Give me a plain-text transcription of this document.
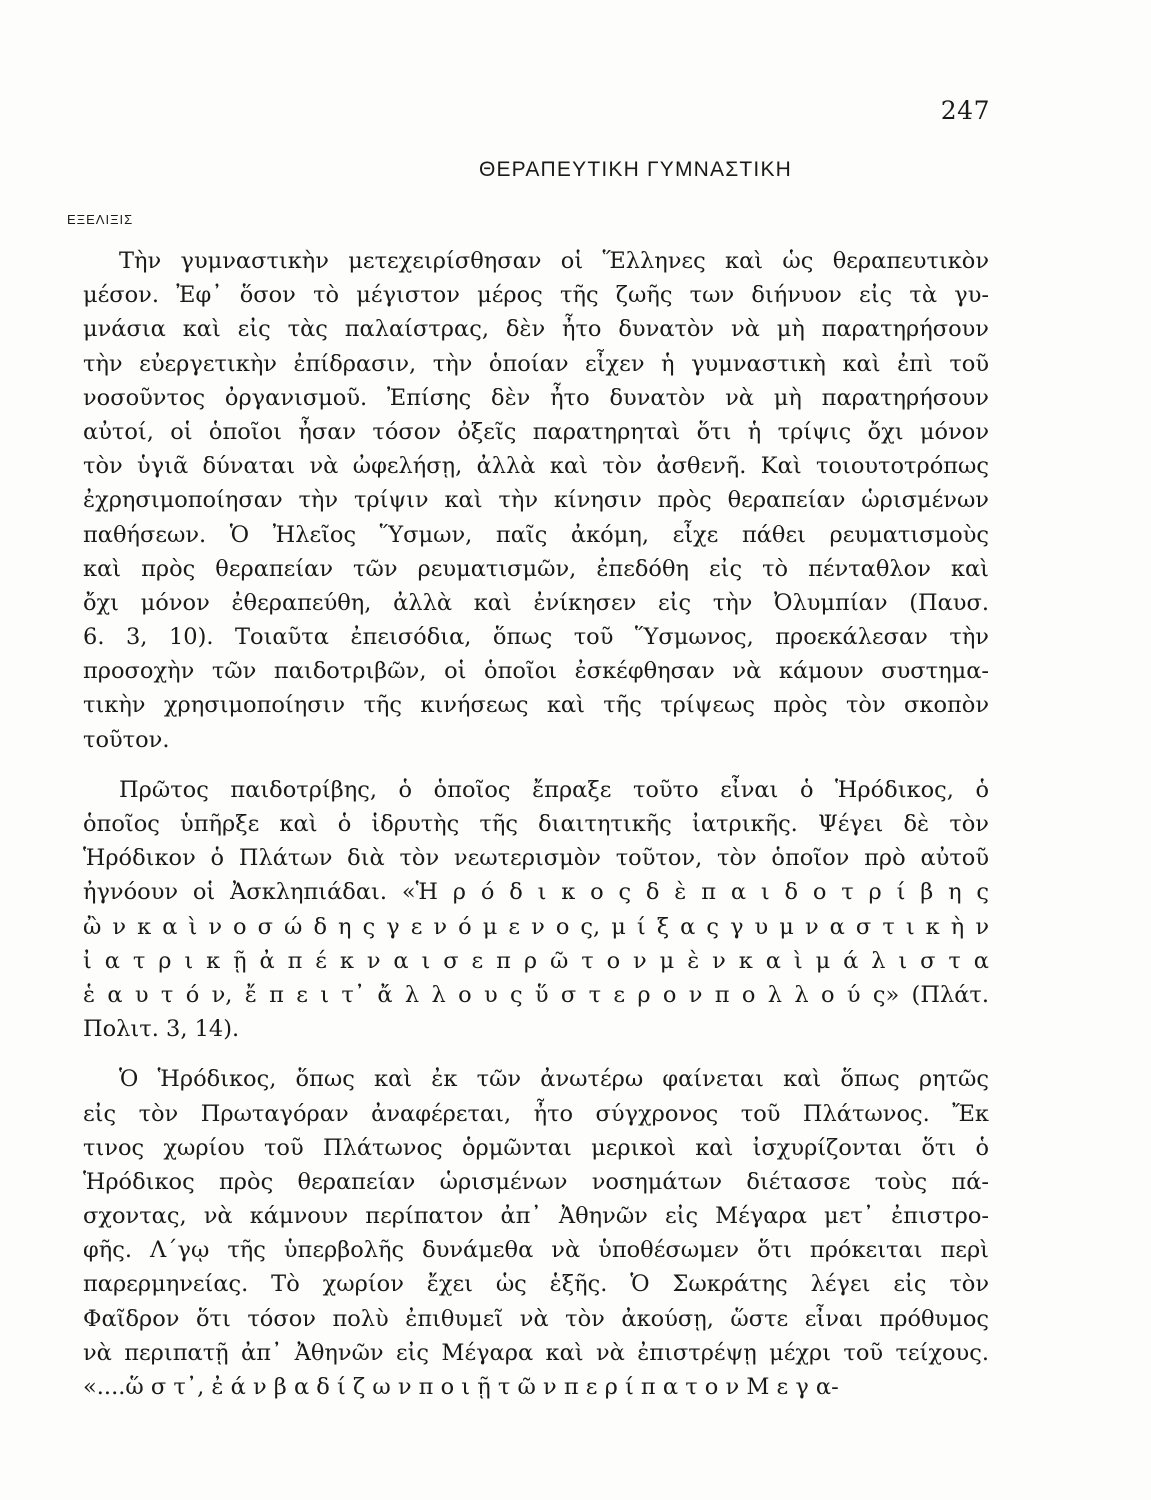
247
ΘΕΡΑΠΕΥΤΙΚΗ ΓΥΜΝΑΣΤΙΚΗ
ΕΞΕΛΙΞΙΣ
Τὴν γυμναστικὴν μετεχειρίσθησαν οἱ Ἕλληνες καὶ ὡς θεραπευτικὸν
μέσον. Ἐφ᾽ ὅσον τὸ μέγιστον μέρος τῆς ζωῆς των διήνυον εἰς τὰ γυ-
μνάσια καὶ εἰς τὰς παλαίστρας, δὲν ἦτο δυνατὸν νὰ μὴ παρατηρήσουν
τὴν εὐεργετικὴν ἐπίδρασιν, τὴν ὁποίαν εἶχεν ἡ γυμναστικὴ καὶ ἐπὶ τοῦ
νοσοῦντος ὀργανισμοῦ. Ἐπίσης δὲν ἦτο δυνατὸν νὰ μὴ παρατηρήσουν
αὐτοί, οἱ ὁποῖοι ἦσαν τόσον ὀξεῖς παρατηρηταὶ ὅτι ἡ τρίψις ὄχι μόνον
τὸν ὑγιᾶ δύναται νὰ ὠφελήσῃ, ἀλλὰ καὶ τὸν ἀσθενῆ. Καὶ τοιουτοτρόπως
ἐχρησιμοποίησαν τὴν τρίψιν καὶ τὴν κίνησιν πρὸς θεραπείαν ὡρισμένων
παθήσεων. Ὁ Ἠλεῖος Ὕσμων, παῖς ἀκόμη, εἶχε πάθει ρευματισμοὺς
καὶ πρὸς θεραπείαν τῶν ρευματισμῶν, ἐπεδόθη εἰς τὸ πένταθλον καὶ
ὄχι μόνον ἐθεραπεύθη, ἀλλὰ καὶ ἐνίκησεν εἰς τὴν Ὀλυμπίαν (Παυσ.
6. 3, 10). Τοιαῦτα ἐπεισόδια, ὅπως τοῦ Ὕσμωνος, προεκάλεσαν τὴν
προσοχὴν τῶν παιδοτριβῶν, οἱ ὁποῖοι ἐσκέφθησαν νὰ κάμουν συστημα-
τικὴν χρησιμοποίησιν τῆς κινήσεως καὶ τῆς τρίψεως πρὸς τὸν σκοπὸν
τοῦτον.
Πρῶτος παιδοτρίβης, ὁ ὁποῖος ἔπραξε τοῦτο εἶναι ὁ Ἡρόδικος, ὁ
ὁποῖος ὑπῆρξε καὶ ὁ ἱδρυτὴς τῆς διαιτητικῆς ἰατρικῆς. Ψέγει δὲ τὸν
Ἡρόδικον ὁ Πλάτων διὰ τὸν νεωτερισμὸν τοῦτον, τὸν ὁποῖον πρὸ αὐτοῦ
ἠγνόουν οἱ Ἀσκληπιάδαι. «Ἡ ρ ό δ ι κ ο ς δ ὲ π α ι δ ο τ ρ ί β η ς
ὢ ν κ α ὶ ν ο σ ώ δ η ς γ ε ν ό μ ε ν ο ς, μ ί ξ α ς γ υ μ ν α σ τ ι κ ὴ ν
ἰ α τ ρ ι κ ῇ ἀ π έ κ ν α ι σ ε π ρ ῶ τ ο ν μ ὲ ν κ α ὶ μ ά λ ι σ τ α
ἑ α υ τ ό ν, ἔ π ε ι τ᾽ ἄ λ λ ο υ ς ὕ σ τ ε ρ ο ν π ο λ λ ο ύ ς» (Πλάτ.
Πολιτ. 3, 14).
Ὁ Ἡρόδικος, ὅπως καὶ ἐκ τῶν ἀνωτέρω φαίνεται καὶ ὅπως ρητῶς
εἰς τὸν Πρωταγόραν ἀναφέρεται, ἦτο σύγχρονος τοῦ Πλάτωνος. Ἔκ
τινος χωρίου τοῦ Πλάτωνος ὁρμῶνται μερικοὶ καὶ ἰσχυρίζονται ὅτι ὁ
Ἡρόδικος πρὸς θεραπείαν ὡρισμένων νοσημάτων διέτασσε τοὺς πά-
σχοντας, νὰ κάμνουν περίπατον ἀπ᾽ Ἀθηνῶν εἰς Μέγαρα μετ᾽ ἐπιστρο-
φῆς. Λ΄γῳ τῆς ὑπερβολῆς δυνάμεθα νὰ ὑποθέσωμεν ὅτι πρόκειται περὶ
παρερμηνείας. Τὸ χωρίον ἔχει ὡς ἑξῆς. Ὁ Σωκράτης λέγει εἰς τὸν
Φαῖδρον ὅτι τόσον πολὺ ἐπιθυμεῖ νὰ τὸν ἀκούσῃ, ὥστε εἶναι πρόθυμος
νὰ περιπατῇ ἀπ᾽ Ἀθηνῶν εἰς Μέγαρα καὶ νὰ ἐπιστρέψῃ μέχρι τοῦ τείχους.
«....ὥ σ τ᾽, ἐ ά ν β α δ ί ζ ω ν π ο ι ῇ τ ῶ ν π ε ρ ί π α τ ο ν Μ ε γ α-
